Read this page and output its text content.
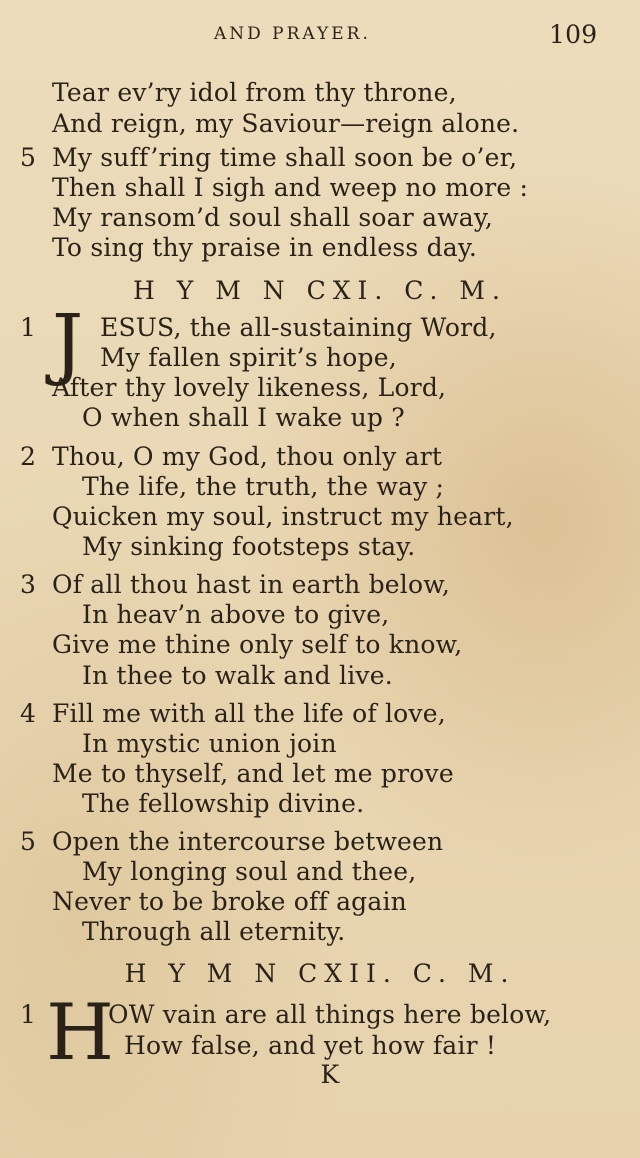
AND PRAYER.	109
Tear ev’ry idol from thy throne,
And reign, my Saviour—reign alone.
5 My suff’ring time shall soon be o’er,
Then shall I sigh and weep no more :
My ransom’d soul shall soar away,
To sing thy praise in endless day.
H Y M N CXI. C. M.
1 J ESUS, the all-sustaining Word,
My fallen spirit’s hope,
After thy lovely likeness, Lord,
O when shall I wake up ?
2 Thou, O my God, thou only art
The life, the truth, the way ;
Quicken my soul, instruct my heart,
My sinking footsteps stay.
3 Of all thou hast in earth below,
In heav’n above to give,
Give me thine only self to know,
In thee to walk and live.
4 Fill me with all the life of love,
In mystic union join
Me to thyself, and let me prove
The fellowship divine.
5 Open the intercourse between
My longing soul and thee,
Never to be broke off again
Through all eternity.
H Y M N CXII. C. M.
1 H
OW vain are all things here below,
How false, and yet how fair !
K
